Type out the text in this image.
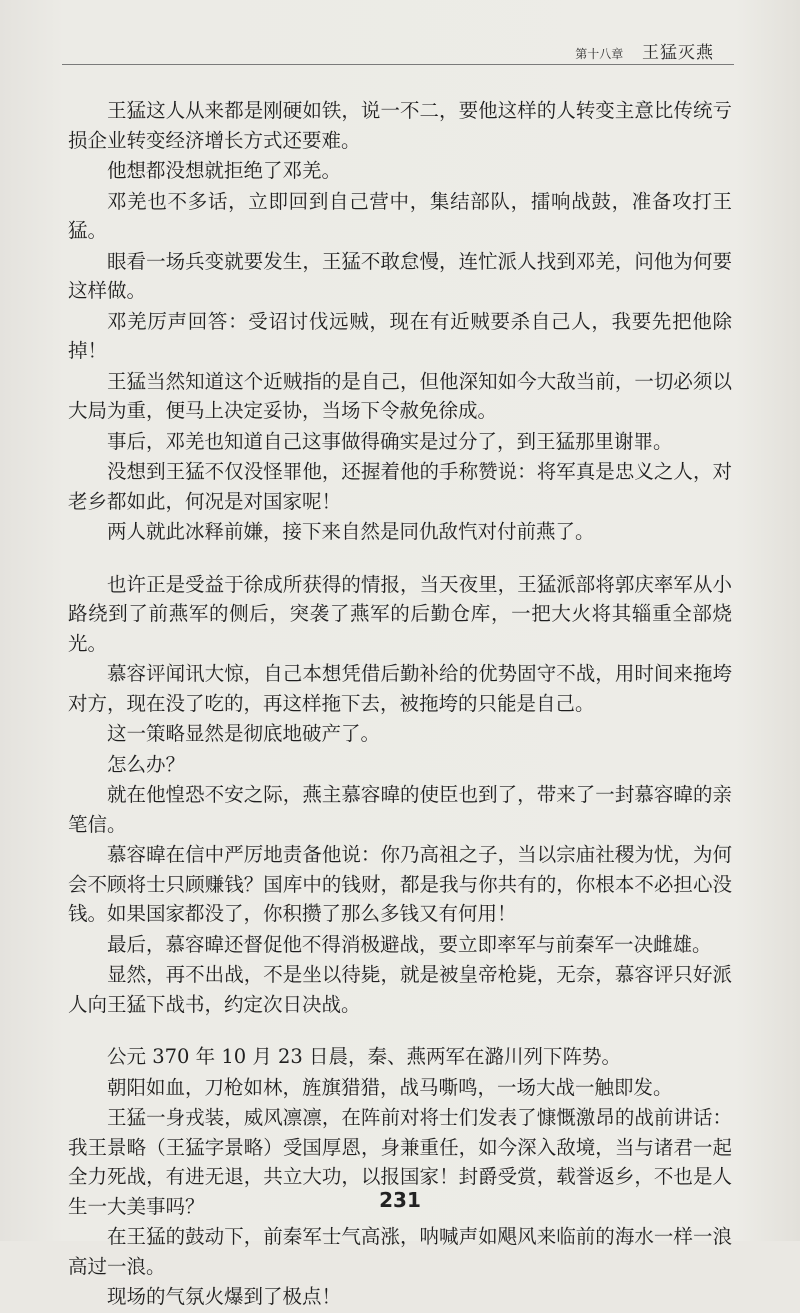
第十八章 王猛灭燕

王猛这人从来都是刚硬如铁，说一不二，要他这样的人转变主意比传统亏损企业转变经济增长方式还要难。

他想都没想就拒绝了邓羌。

邓羌也不多话，立即回到自己营中，集结部队，擂响战鼓，准备攻打王猛。

眼看一场兵变就要发生，王猛不敢怠慢，连忙派人找到邓羌，问他为何要这样做。

邓羌厉声回答：受诏讨伐远贼，现在有近贼要杀自己人，我要先把他除掉！

王猛当然知道这个近贼指的是自己，但他深知如今大敌当前，一切必须以大局为重，便马上决定妥协，当场下令赦免徐成。

事后，邓羌也知道自己这事做得确实是过分了，到王猛那里谢罪。

没想到王猛不仅没怪罪他，还握着他的手称赞说：将军真是忠义之人，对老乡都如此，何况是对国家呢！

两人就此冰释前嫌，接下来自然是同仇敌忾对付前燕了。

也许正是受益于徐成所获得的情报，当天夜里，王猛派部将郭庆率军从小路绕到了前燕军的侧后，突袭了燕军的后勤仓库，一把大火将其辎重全部烧光。

慕容评闻讯大惊，自己本想凭借后勤补给的优势固守不战，用时间来拖垮对方，现在没了吃的，再这样拖下去，被拖垮的只能是自己。

这一策略显然是彻底地破产了。

怎么办？

就在他惶恐不安之际，燕主慕容暐的使臣也到了，带来了一封慕容暐的亲笔信。

慕容暐在信中严厉地责备他说：你乃高祖之子，当以宗庙社稷为忧，为何会不顾将士只顾赚钱？国库中的钱财，都是我与你共有的，你根本不必担心没钱。如果国家都没了，你积攒了那么多钱又有何用！

最后，慕容暐还督促他不得消极避战，要立即率军与前秦军一决雌雄。

显然，再不出战，不是坐以待毙，就是被皇帝枪毙，无奈，慕容评只好派人向王猛下战书，约定次日决战。

公元 370 年 10 月 23 日晨，秦、燕两军在潞川列下阵势。

朝阳如血，刀枪如林，旌旗猎猎，战马嘶鸣，一场大战一触即发。

王猛一身戎装，威风凛凛，在阵前对将士们发表了慷慨激昂的战前讲话：我王景略（王猛字景略）受国厚恩，身兼重任，如今深入敌境，当与诸君一起全力死战，有进无退，共立大功，以报国家！封爵受赏，载誉返乡，不也是人生一大美事吗？

在王猛的鼓动下，前秦军士气高涨，呐喊声如飓风来临前的海水一样一浪高过一浪。

现场的气氛火爆到了极点！

231
